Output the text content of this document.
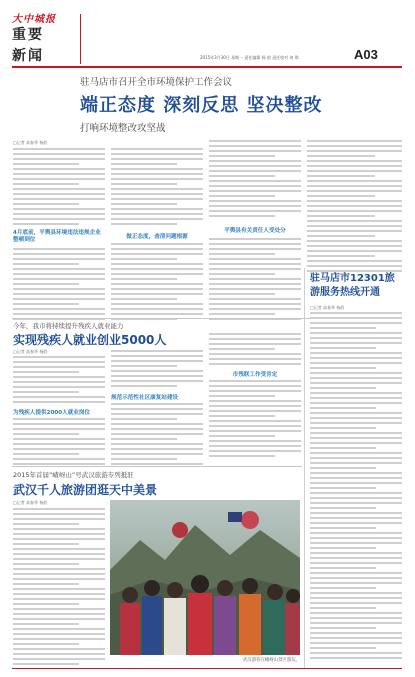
大中城报
重要
新闻	2015年3月30日 星期一 责任编辑 杨 韵 责任校对 何 琪	A03
驻马店市召开全市环境保护工作会议
端正态度 深刻反思 坚决整改
打响环境整改攻坚战
□记者 高春华 杨韵
4月底前，平舆县环境违法违规企业整顿到位	做正态度，查清问题根源
平舆县有关责任人受处分
今年，我市将持续提升残疾人就业能力
实现残疾人就业创业5000人
□记者 高春华 杨韵
为残疾人提供2000人就业岗位
规范示范性社区康复站建设
市残联工作受肯定
驻马店市12301旅游服务热线开通
□记者 高春华 杨韵
2015年首届“嵖岈山”号武汉旅游专列抵驻
武汉千人旅游团逛天中美景
□记者 高春华 杨韵
武汉游客在嵖岈山景区游玩。
